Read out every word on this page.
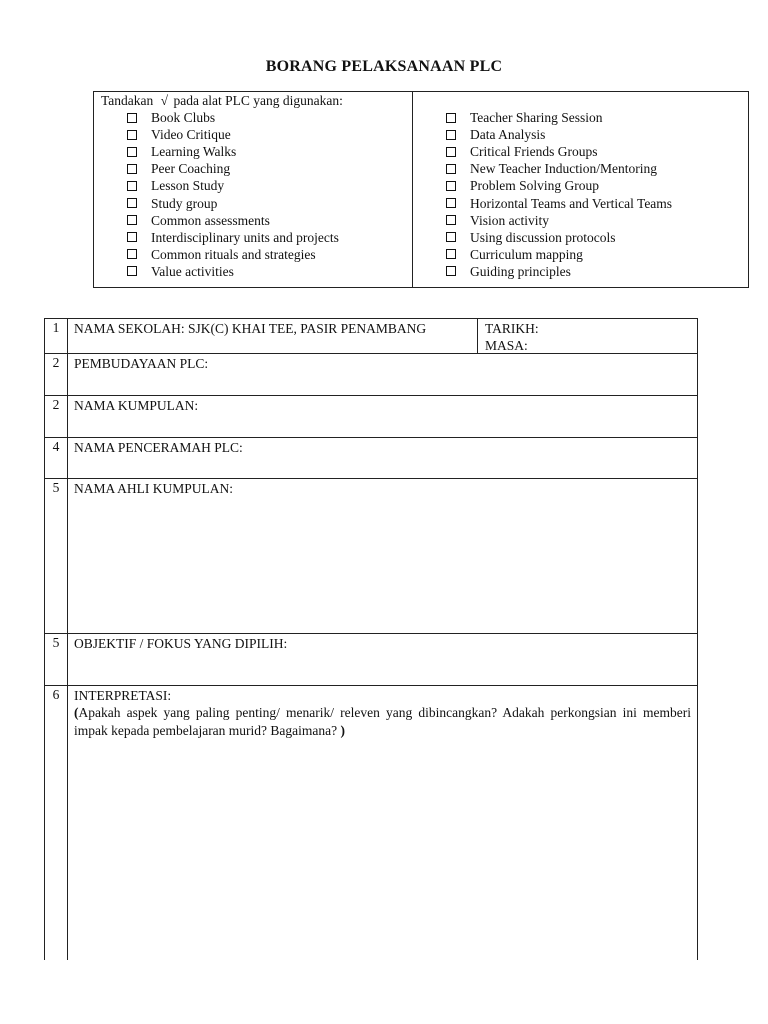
BORANG PELAKSANAAN PLC
Tandakan √ pada alat PLC yang digunakan:
Book Clubs
Video Critique
Learning Walks
Peer Coaching
Lesson Study
Study group
Common assessments
Interdisciplinary units and projects
Common rituals and strategies
Value activities
Teacher Sharing Session
Data Analysis
Critical Friends Groups
New Teacher Induction/Mentoring
Problem Solving Group
Horizontal Teams and Vertical Teams
Vision activity
Using discussion protocols
Curriculum mapping
Guiding principles
1	NAMA SEKOLAH: SJK(C) KHAI TEE, PASIR PENAMBANG	TARIKH:
MASA:
2	PEMBUDAYAAN PLC:
2	NAMA KUMPULAN:
4	NAMA PENCERAMAH PLC:
5	NAMA AHLI KUMPULAN:
5	OBJEKTIF / FOKUS YANG DIPILIH:
6	INTERPRETASI:
(Apakah aspek yang paling penting/ menarik/ releven yang dibincangkan? Adakah perkongsian ini memberi impak kepada pembelajaran murid? Bagaimana? )
